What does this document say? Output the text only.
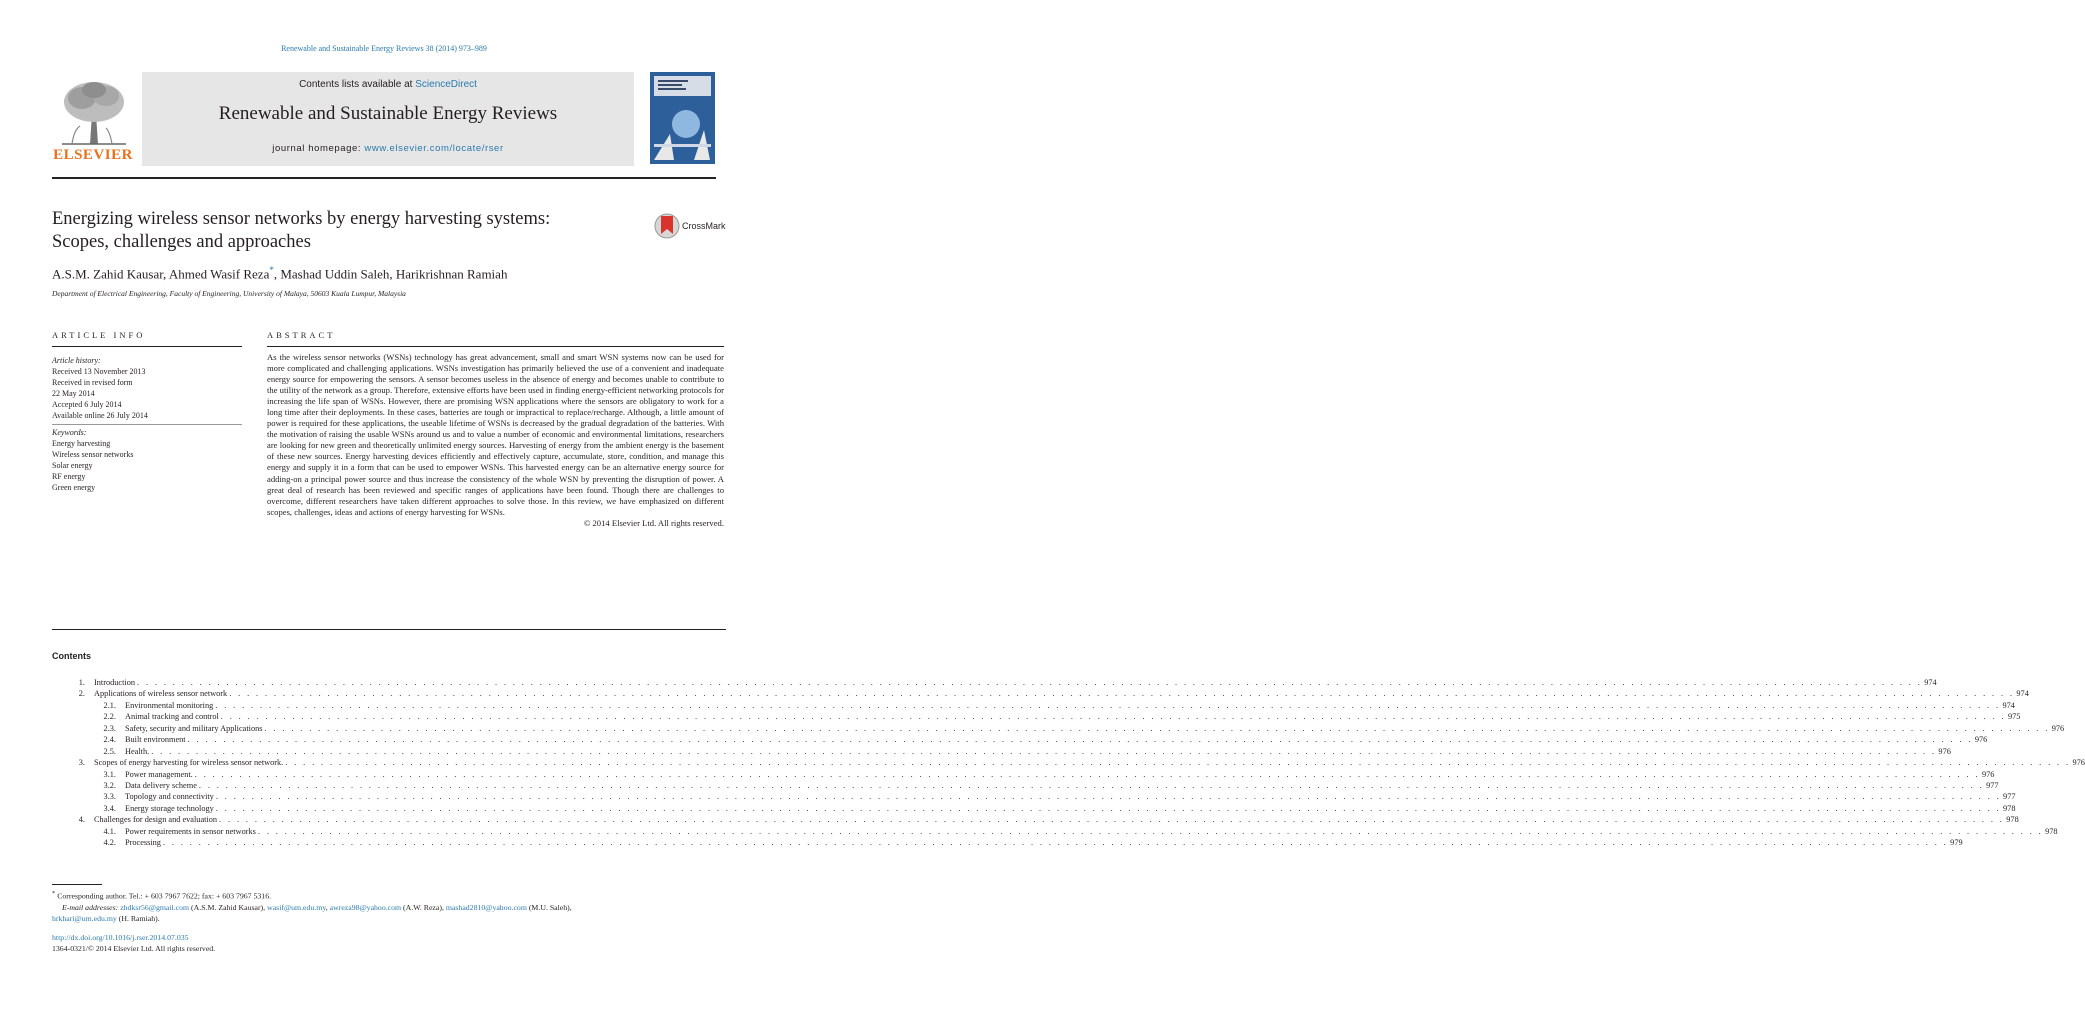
Renewable and Sustainable Energy Reviews 38 (2014) 973–989
ELSEVIER
Contents lists available at ScienceDirect
Renewable and Sustainable Energy Reviews
journal homepage: www.elsevier.com/locate/rser
Energizing wireless sensor networks by energy harvesting systems:
Scopes, challenges and approaches
CrossMark
A.S.M. Zahid Kausar, Ahmed Wasif Reza*, Mashad Uddin Saleh, Harikrishnan Ramiah
Department of Electrical Engineering, Faculty of Engineering, University of Malaya, 50603 Kuala Lumpur, Malaysia
ARTICLE INFO	ABSTRACT
Article history:
Received 13 November 2013
Received in revised form
22 May 2014
Accepted 6 July 2014
Available online 26 July 2014
Keywords:
Energy harvesting
Wireless sensor networks
Solar energy
RF energy
Green energy
As the wireless sensor networks (WSNs) technology has great advancement, small and smart WSN systems now can be used for more complicated and challenging applications. WSNs investigation has primarily believed the use of a convenient and inadequate energy source for empowering the sensors. A sensor becomes useless in the absence of energy and becomes unable to contribute to the utility of the network as a group. Therefore, extensive efforts have been used in finding energy-efficient networking protocols for increasing the life span of WSNs. However, there are promising WSN applications where the sensors are obligatory to work for a long time after their deployments. In these cases, batteries are tough or impractical to replace/recharge. Although, a little amount of power is required for these applications, the useable lifetime of WSNs is decreased by the gradual degradation of the batteries. With the motivation of raising the usable WSNs around us and to value a number of economic and environmental limitations, researchers are looking for new green and theoretically unlimited energy sources. Harvesting of energy from the ambient energy is the basement of these new sources. Energy harvesting devices efficiently and effectively capture, accumulate, store, condition, and manage this energy and supply it in a form that can be used to empower WSNs. This harvested energy can be an alternative energy source for adding-on a principal power source and thus increase the consistency of the whole WSN by preventing the disruption of power. A great deal of research has been reviewed and specific ranges of applications have been found. Though there are challenges to overcome, different researchers have taken different approaches to solve those. In this review, we have emphasized on different scopes, challenges, ideas and actions of energy harvesting for WSNs.
© 2014 Elsevier Ltd. All rights reserved.
Contents
1. Introduction . . . . . . . . . . . . . . . . . . . . . . . . . . . . . . . . . . . . . . . . . . . . . . . . . . . . . . . . . . . . . . . . . . . . . . . . . . . . . . . . . . . . . . . . . . . . . . . . . . . . . . . . . . . . . . . . . . . . . . . . . . . . . . . . . . . . . . . . . . . . . . . . . . . . . . . . . . . . . . . . . . . . . . . . . . . . . . . . . . . . . . . . . . . . . . . . . . . . . . . . 974
2. Applications of wireless sensor network . . . . . . . . . . . . . . . . . . . . . . . . . . . . . . . . . . . . . . . . . . . . . . . . . . . . . . . . . . . . . . . . . . . . . . . . . . . . . . . . . . . . . . . . . . . . . . . . . . . . . . . . . . . . . . . . . . . . . . . . . . . . . . . . . . . . . . . . . . . . . . . . . . . . . . . . . . . . . . . . . . . . . . . . . . . . . . . . . . . . . . . . . . . . . . . . . . . . . . . . 974
2.1. Environmental monitoring . . . . . . . . . . . . . . . . . . . . . . . . . . . . . . . . . . . . . . . . . . . . . . . . . . . . . . . . . . . . . . . . . . . . . . . . . . . . . . . . . . . . . . . . . . . . . . . . . . . . . . . . . . . . . . . . . . . . . . . . . . . . . . . . . . . . . . . . . . . . . . . . . . . . . . . . . . . . . . . . . . . . . . . . . . . . . . . . . . . . . . . . . . . . . . . . . . . . . . . . 974
2.2. Animal tracking and control . . . . . . . . . . . . . . . . . . . . . . . . . . . . . . . . . . . . . . . . . . . . . . . . . . . . . . . . . . . . . . . . . . . . . . . . . . . . . . . . . . . . . . . . . . . . . . . . . . . . . . . . . . . . . . . . . . . . . . . . . . . . . . . . . . . . . . . . . . . . . . . . . . . . . . . . . . . . . . . . . . . . . . . . . . . . . . . . . . . . . . . . . . . . . . . . . . . . . . . . 975
2.3. Safety, security and military Applications . . . . . . . . . . . . . . . . . . . . . . . . . . . . . . . . . . . . . . . . . . . . . . . . . . . . . . . . . . . . . . . . . . . . . . . . . . . . . . . . . . . . . . . . . . . . . . . . . . . . . . . . . . . . . . . . . . . . . . . . . . . . . . . . . . . . . . . . . . . . . . . . . . . . . . . . . . . . . . . . . . . . . . . . . . . . . . . . . . . . . . . . . . . . . . . . . . . . . . . . 976
2.4. Built environment . . . . . . . . . . . . . . . . . . . . . . . . . . . . . . . . . . . . . . . . . . . . . . . . . . . . . . . . . . . . . . . . . . . . . . . . . . . . . . . . . . . . . . . . . . . . . . . . . . . . . . . . . . . . . . . . . . . . . . . . . . . . . . . . . . . . . . . . . . . . . . . . . . . . . . . . . . . . . . . . . . . . . . . . . . . . . . . . . . . . . . . . . . . . . . . . . . . . . . . . 976
2.5. Health. . . . . . . . . . . . . . . . . . . . . . . . . . . . . . . . . . . . . . . . . . . . . . . . . . . . . . . . . . . . . . . . . . . . . . . . . . . . . . . . . . . . . . . . . . . . . . . . . . . . . . . . . . . . . . . . . . . . . . . . . . . . . . . . . . . . . . . . . . . . . . . . . . . . . . . . . . . . . . . . . . . . . . . . . . . . . . . . . . . . . . . . . . . . . . . . . . . . . . . . . 976
3. Scopes of energy harvesting for wireless sensor network. . . . . . . . . . . . . . . . . . . . . . . . . . . . . . . . . . . . . . . . . . . . . . . . . . . . . . . . . . . . . . . . . . . . . . . . . . . . . . . . . . . . . . . . . . . . . . . . . . . . . . . . . . . . . . . . . . . . . . . . . . . . . . . . . . . . . . . . . . . . . . . . . . . . . . . . . . . . . . . . . . . . . . . . . . . . . . . . . . . . . . . . . . . . . . . . . . . . . . . . . 976
3.1. Power management. . . . . . . . . . . . . . . . . . . . . . . . . . . . . . . . . . . . . . . . . . . . . . . . . . . . . . . . . . . . . . . . . . . . . . . . . . . . . . . . . . . . . . . . . . . . . . . . . . . . . . . . . . . . . . . . . . . . . . . . . . . . . . . . . . . . . . . . . . . . . . . . . . . . . . . . . . . . . . . . . . . . . . . . . . . . . . . . . . . . . . . . . . . . . . . . . . . . . . . . . 976
3.2. Data delivery scheme . . . . . . . . . . . . . . . . . . . . . . . . . . . . . . . . . . . . . . . . . . . . . . . . . . . . . . . . . . . . . . . . . . . . . . . . . . . . . . . . . . . . . . . . . . . . . . . . . . . . . . . . . . . . . . . . . . . . . . . . . . . . . . . . . . . . . . . . . . . . . . . . . . . . . . . . . . . . . . . . . . . . . . . . . . . . . . . . . . . . . . . . . . . . . . . . . . . . . . . . 977
3.3. Topology and connectivity . . . . . . . . . . . . . . . . . . . . . . . . . . . . . . . . . . . . . . . . . . . . . . . . . . . . . . . . . . . . . . . . . . . . . . . . . . . . . . . . . . . . . . . . . . . . . . . . . . . . . . . . . . . . . . . . . . . . . . . . . . . . . . . . . . . . . . . . . . . . . . . . . . . . . . . . . . . . . . . . . . . . . . . . . . . . . . . . . . . . . . . . . . . . . . . . . . . . . . . . 977
3.4. Energy storage technology . . . . . . . . . . . . . . . . . . . . . . . . . . . . . . . . . . . . . . . . . . . . . . . . . . . . . . . . . . . . . . . . . . . . . . . . . . . . . . . . . . . . . . . . . . . . . . . . . . . . . . . . . . . . . . . . . . . . . . . . . . . . . . . . . . . . . . . . . . . . . . . . . . . . . . . . . . . . . . . . . . . . . . . . . . . . . . . . . . . . . . . . . . . . . . . . . . . . . . . . 978
4. Challenges for design and evaluation . . . . . . . . . . . . . . . . . . . . . . . . . . . . . . . . . . . . . . . . . . . . . . . . . . . . . . . . . . . . . . . . . . . . . . . . . . . . . . . . . . . . . . . . . . . . . . . . . . . . . . . . . . . . . . . . . . . . . . . . . . . . . . . . . . . . . . . . . . . . . . . . . . . . . . . . . . . . . . . . . . . . . . . . . . . . . . . . . . . . . . . . . . . . . . . . . . . . . . . . 978
4.1. Power requirements in sensor networks . . . . . . . . . . . . . . . . . . . . . . . . . . . . . . . . . . . . . . . . . . . . . . . . . . . . . . . . . . . . . . . . . . . . . . . . . . . . . . . . . . . . . . . . . . . . . . . . . . . . . . . . . . . . . . . . . . . . . . . . . . . . . . . . . . . . . . . . . . . . . . . . . . . . . . . . . . . . . . . . . . . . . . . . . . . . . . . . . . . . . . . . . . . . . . . . . . . . . . . . 978
4.2. Processing . . . . . . . . . . . . . . . . . . . . . . . . . . . . . . . . . . . . . . . . . . . . . . . . . . . . . . . . . . . . . . . . . . . . . . . . . . . . . . . . . . . . . . . . . . . . . . . . . . . . . . . . . . . . . . . . . . . . . . . . . . . . . . . . . . . . . . . . . . . . . . . . . . . . . . . . . . . . . . . . . . . . . . . . . . . . . . . . . . . . . . . . . . . . . . . . . . . . . . . . 979
* Corresponding author. Tel.: + 603 7967 7622; fax: + 603 7967 5316.
E-mail addresses: zhdksr56@gmail.com (A.S.M. Zahid Kausar), wasif@um.edu.my, awreza98@yahoo.com (A.W. Reza), mashad2810@yahoo.com (M.U. Saleh),
hrkhari@um.edu.my (H. Ramiah).
http://dx.doi.org/10.1016/j.rser.2014.07.035
1364-0321/© 2014 Elsevier Ltd. All rights reserved.
